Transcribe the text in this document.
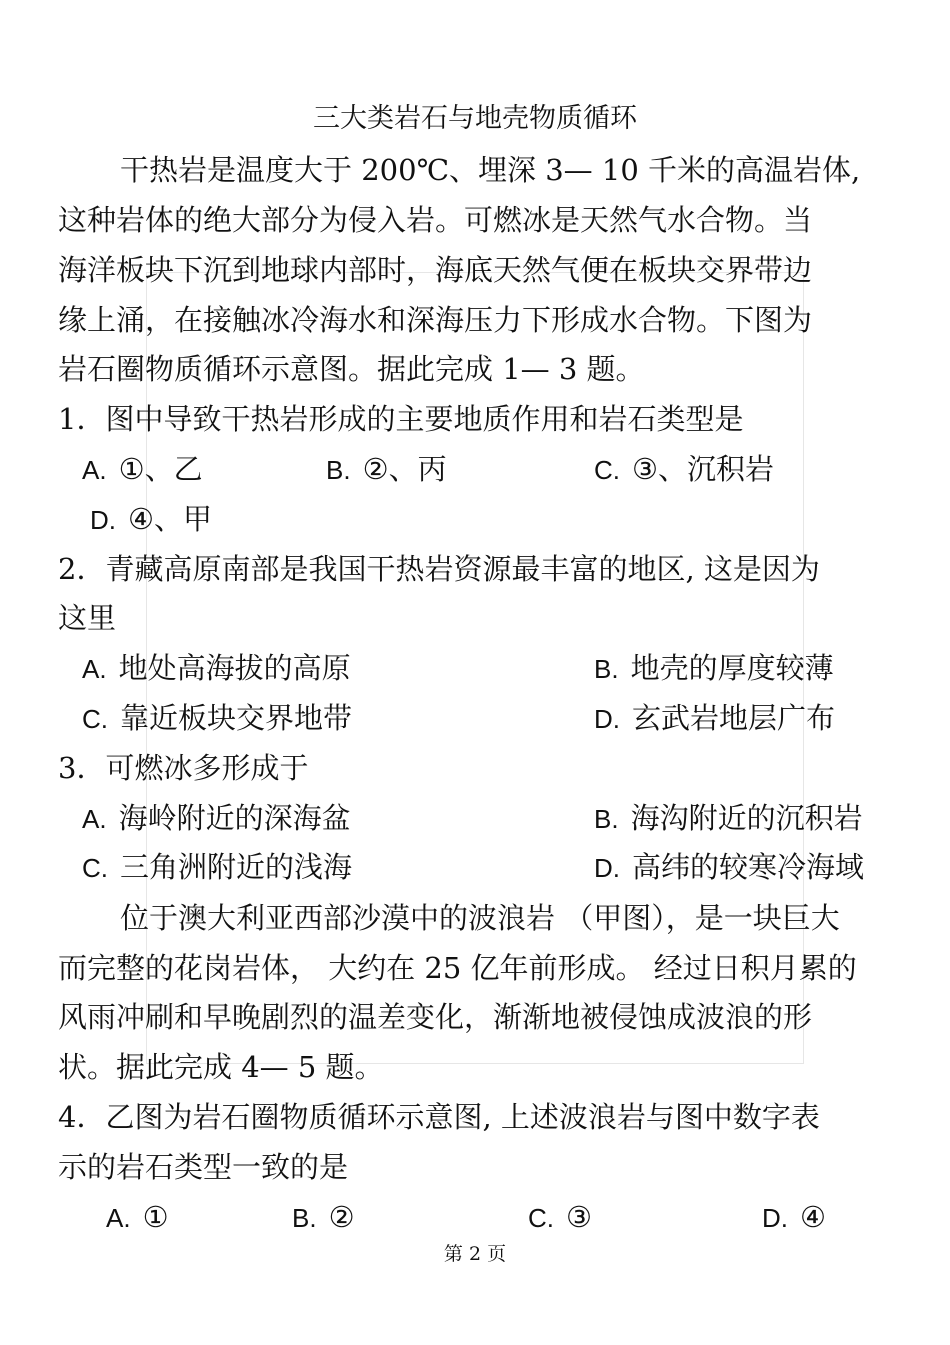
三大类岩石与地壳物质循环
干热岩是温度大于 200℃、埋深 3— 10 千米的高温岩体,
这种岩体的绝大部分为侵入岩。可燃冰是天然气水合物。当
海洋板块下沉到地球内部时，海底天然气便在板块交界带边
缘上涌，在接触冰冷海水和深海压力下形成水合物。下图为
岩石圈物质循环示意图。据此完成 1— 3 题。
1．图中导致干热岩形成的主要地质作用和岩石类型是
A. ①、乙	B. ②、丙	C. ③、沉积岩
D. ④、甲
2．青藏高原南部是我国干热岩资源最丰富的地区, 这是因为
这里
A. 地处高海拔的高原	B. 地壳的厚度较薄
C. 靠近板块交界地带	D. 玄武岩地层广布
3．可燃冰多形成于
A. 海岭附近的深海盆	B. 海沟附近的沉积岩
C. 三角洲附近的浅海	D. 高纬的较寒冷海域
位于澳大利亚西部沙漠中的波浪岩 （甲图），是一块巨大
而完整的花岗岩体， 大约在 25 亿年前形成。 经过日积月累的
风雨冲刷和早晚剧烈的温差变化，渐渐地被侵蚀成波浪的形
状。据此完成 4— 5 题。
4．乙图为岩石圈物质循环示意图, 上述波浪岩与图中数字表
示的岩石类型一致的是
A. ①	B. ②	C. ③	D. ④
第 2 页
